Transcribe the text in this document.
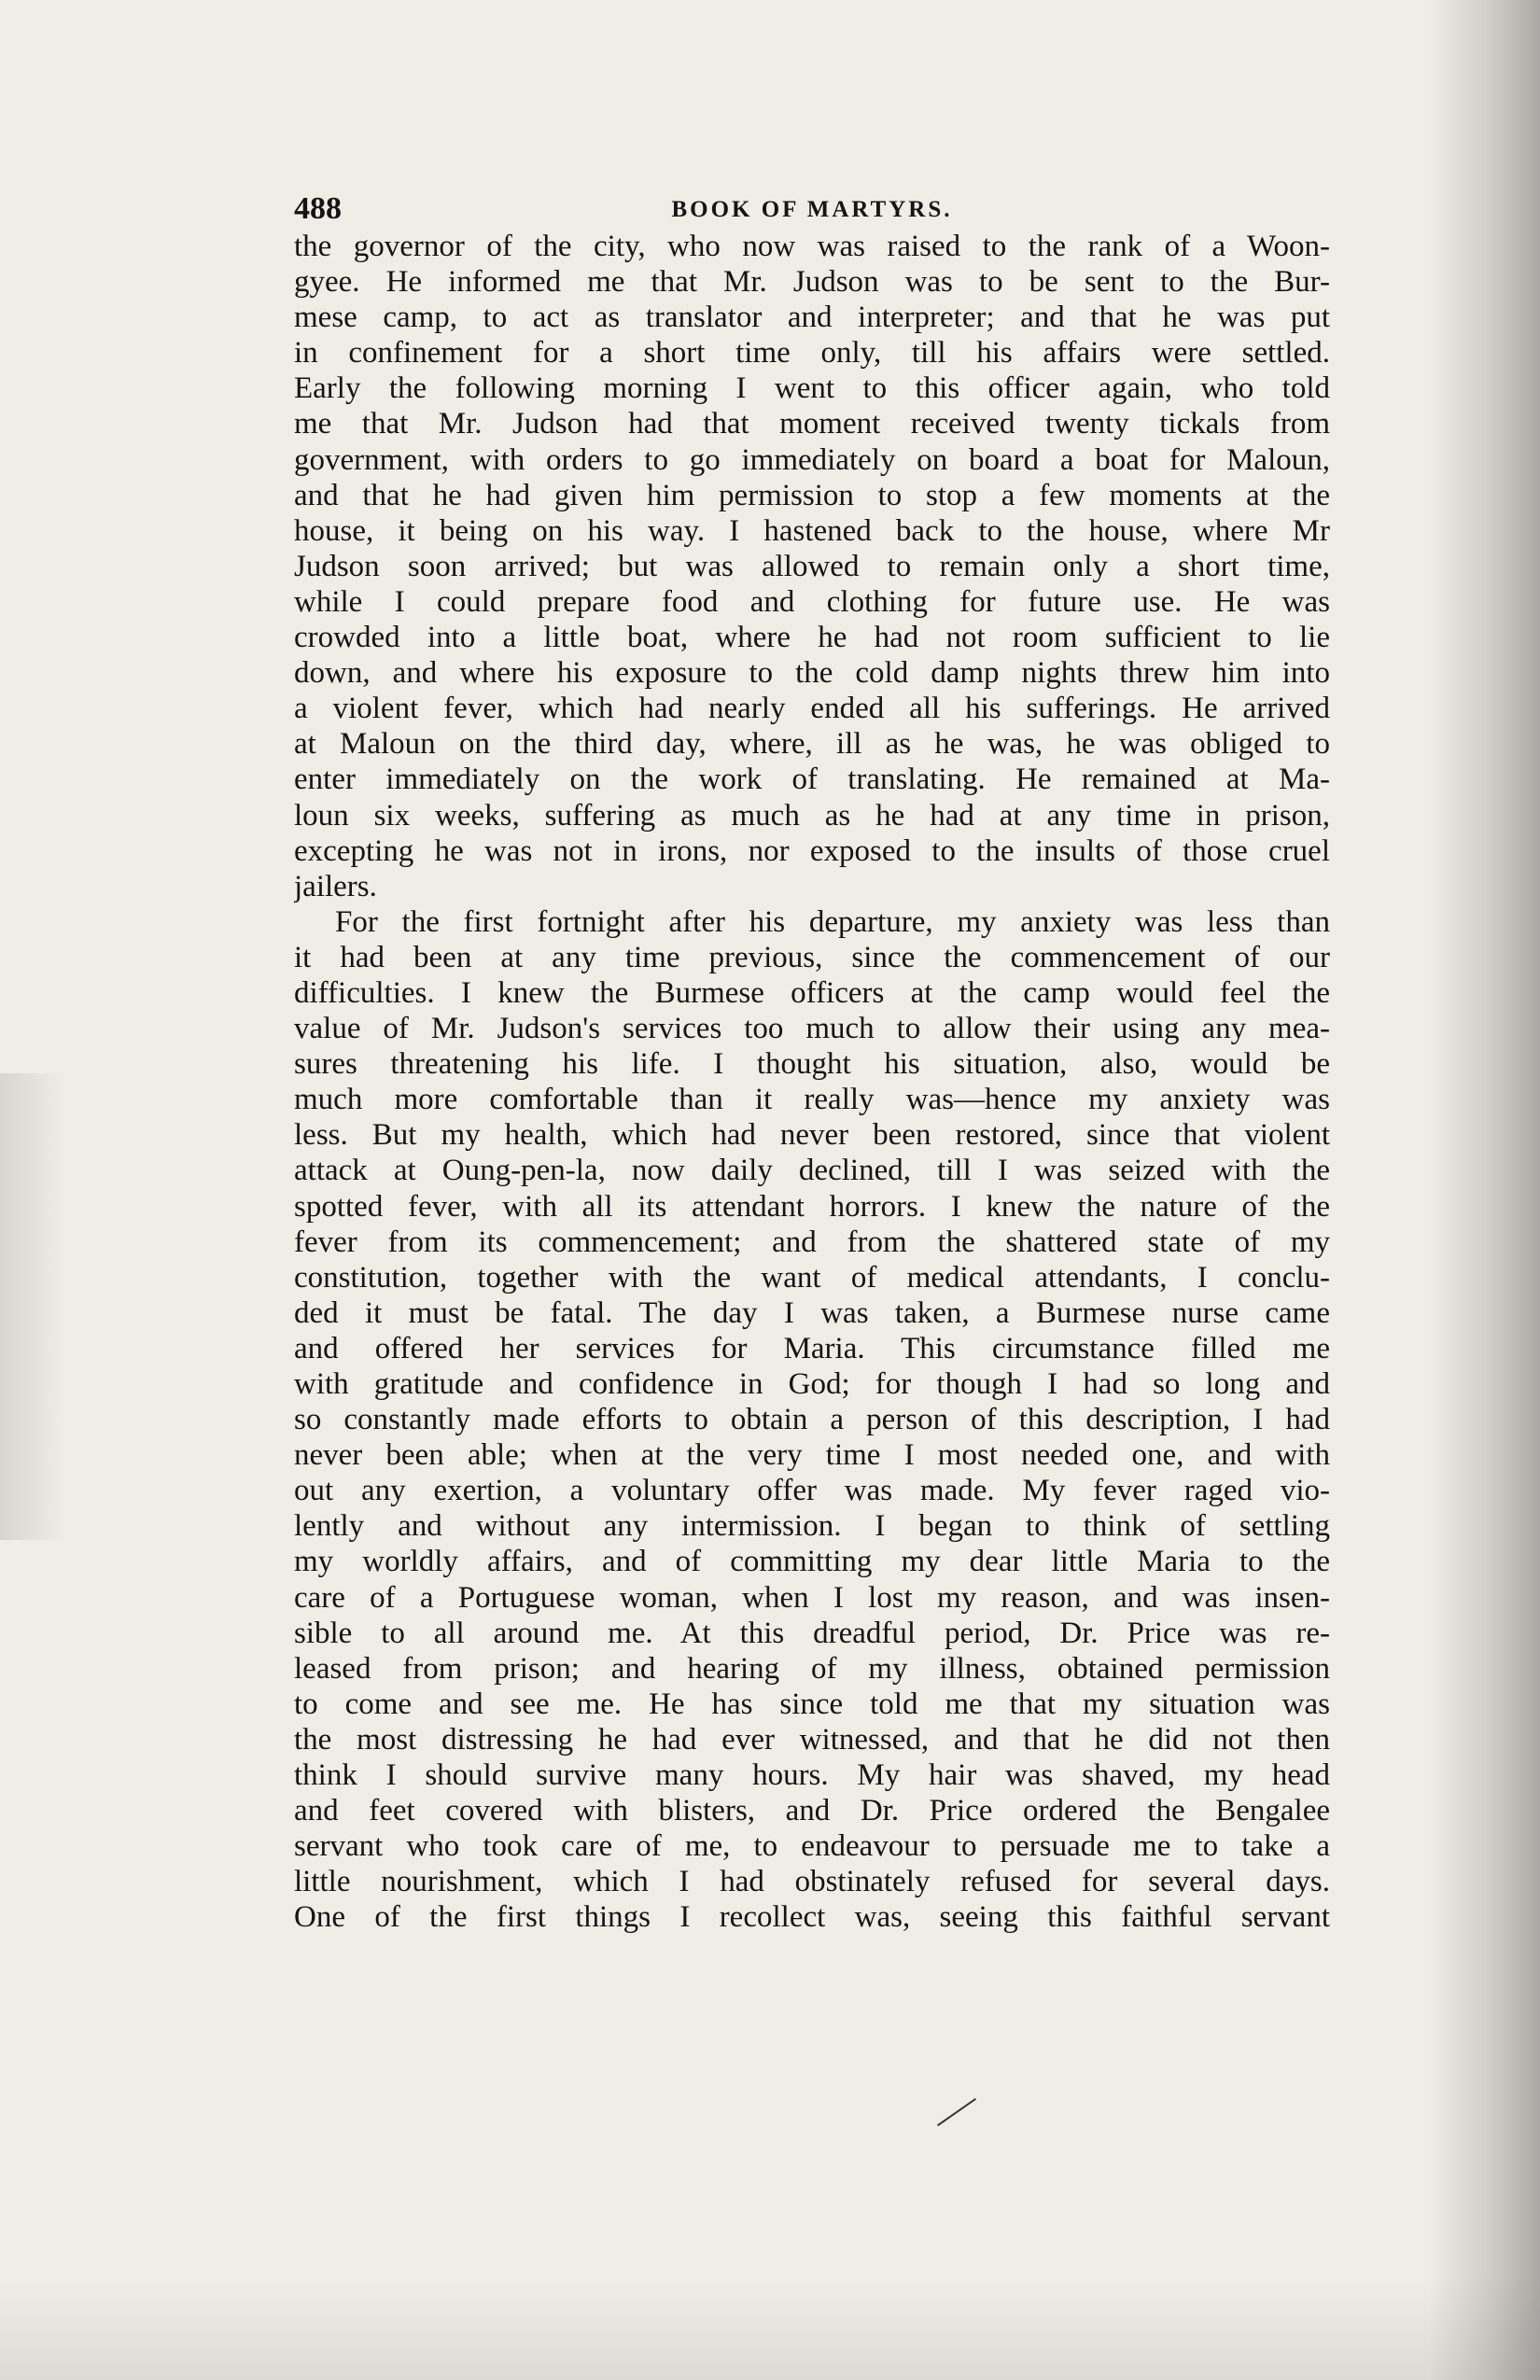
488	BOOK OF MARTYRS.
the governor of the city, who now was raised to the rank of a Woon-
gyee. He informed me that Mr. Judson was to be sent to the Bur-
mese camp, to act as translator and interpreter; and that he was put
in confinement for a short time only, till his affairs were settled.
Early the following morning I went to this officer again, who told
me that Mr. Judson had that moment received twenty tickals from
government, with orders to go immediately on board a boat for Maloun,
and that he had given him permission to stop a few moments at the
house, it being on his way. I hastened back to the house, where Mr
Judson soon arrived; but was allowed to remain only a short time,
while I could prepare food and clothing for future use. He was
crowded into a little boat, where he had not room sufficient to lie
down, and where his exposure to the cold damp nights threw him into
a violent fever, which had nearly ended all his sufferings. He arrived
at Maloun on the third day, where, ill as he was, he was obliged to
enter immediately on the work of translating. He remained at Ma-
loun six weeks, suffering as much as he had at any time in prison,
excepting he was not in irons, nor exposed to the insults of those cruel
jailers.
For the first fortnight after his departure, my anxiety was less than
it had been at any time previous, since the commencement of our
difficulties. I knew the Burmese officers at the camp would feel the
value of Mr. Judson's services too much to allow their using any mea-
sures threatening his life. I thought his situation, also, would be
much more comfortable than it really was—hence my anxiety was
less. But my health, which had never been restored, since that violent
attack at Oung-pen-la, now daily declined, till I was seized with the
spotted fever, with all its attendant horrors. I knew the nature of the
fever from its commencement; and from the shattered state of my
constitution, together with the want of medical attendants, I conclu-
ded it must be fatal. The day I was taken, a Burmese nurse came
and offered her services for Maria. This circumstance filled me
with gratitude and confidence in God; for though I had so long and
so constantly made efforts to obtain a person of this description, I had
never been able; when at the very time I most needed one, and with
out any exertion, a voluntary offer was made. My fever raged vio-
lently and without any intermission. I began to think of settling
my worldly affairs, and of committing my dear little Maria to the
care of a Portuguese woman, when I lost my reason, and was insen-
sible to all around me. At this dreadful period, Dr. Price was re-
leased from prison; and hearing of my illness, obtained permission
to come and see me. He has since told me that my situation was
the most distressing he had ever witnessed, and that he did not then
think I should survive many hours. My hair was shaved, my head
and feet covered with blisters, and Dr. Price ordered the Bengalee
servant who took care of me, to endeavour to persuade me to take a
little nourishment, which I had obstinately refused for several days.
One of the first things I recollect was, seeing this faithful servant
